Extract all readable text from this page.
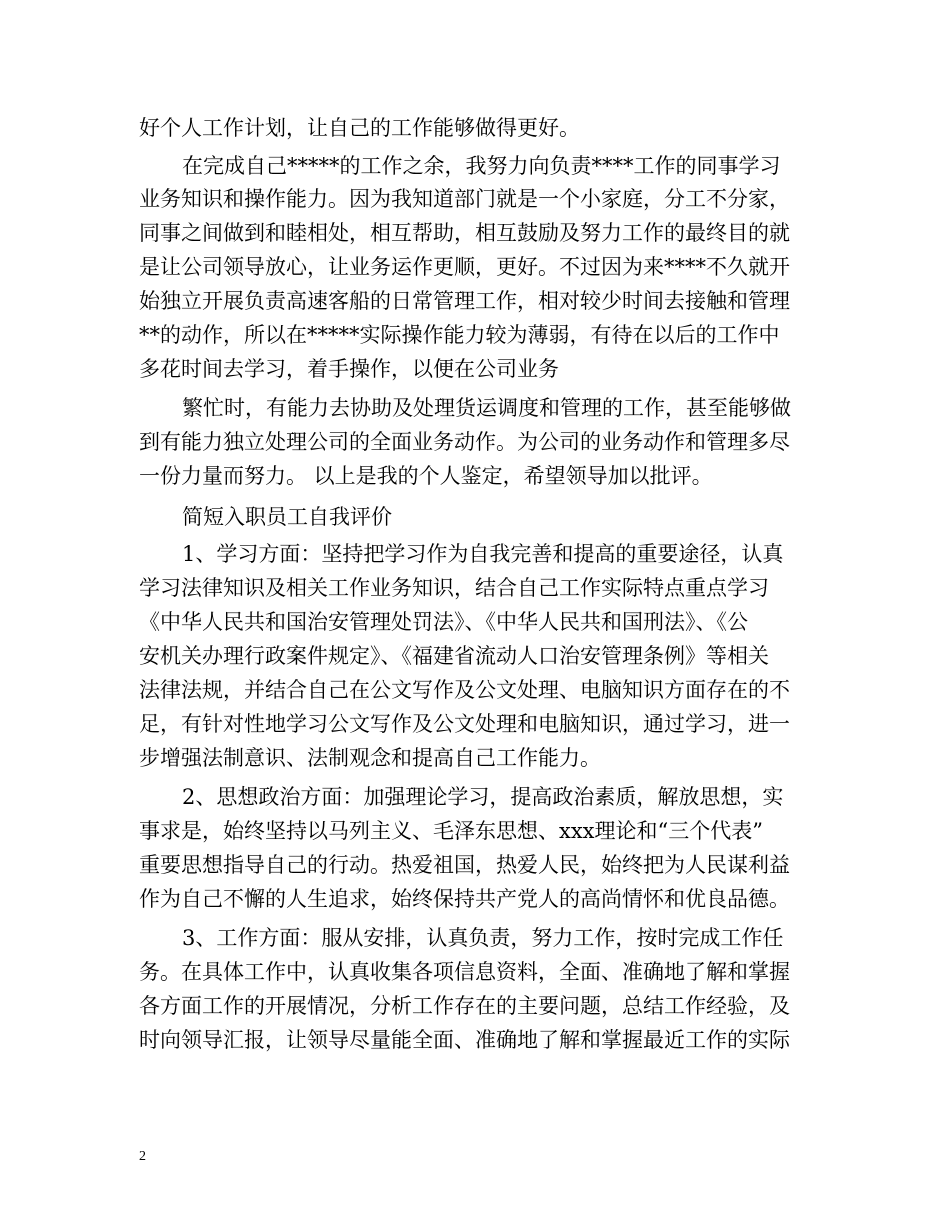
好个人工作计划，让自己的工作能够做得更好。
在完成自己*****的工作之余，我努力向负责****工作的同事学习
业务知识和操作能力。因为我知道部门就是一个小家庭，分工不分家，
同事之间做到和睦相处，相互帮助，相互鼓励及努力工作的最终目的就
是让公司领导放心，让业务运作更顺，更好。不过因为来****不久就开
始独立开展负责高速客船的日常管理工作，相对较少时间去接触和管理
**的动作，所以在*****实际操作能力较为薄弱，有待在以后的工作中
多花时间去学习，着手操作，以便在公司业务
繁忙时，有能力去协助及处理货运调度和管理的工作，甚至能够做
到有能力独立处理公司的全面业务动作。为公司的业务动作和管理多尽
一份力量而努力。 以上是我的个人鉴定，希望领导加以批评。
简短入职员工自我评价
1、学习方面：坚持把学习作为自我完善和提高的重要途径，认真
学习法律知识及相关工作业务知识，结合自己工作实际特点重点学习
《中华人民共和国治安管理处罚法》、《中华人民共和国刑法》、《公
安机关办理行政案件规定》、《福建省流动人口治安管理条例》等相关
法律法规，并结合自己在公文写作及公文处理、电脑知识方面存在的不
足，有针对性地学习公文写作及公文处理和电脑知识，通过学习，进一
步增强法制意识、法制观念和提高自己工作能力。
2、思想政治方面：加强理论学习，提高政治素质，解放思想，实
事求是，始终坚持以马列主义、毛泽东思想、xxx理论和“三个代表”
重要思想指导自己的行动。热爱祖国，热爱人民，始终把为人民谋利益
作为自己不懈的人生追求，始终保持共产党人的高尚情怀和优良品德。
3、工作方面：服从安排，认真负责，努力工作，按时完成工作任
务。在具体工作中，认真收集各项信息资料，全面、准确地了解和掌握
各方面工作的开展情况，分析工作存在的主要问题，总结工作经验，及
时向领导汇报，让领导尽量能全面、准确地了解和掌握最近工作的实际
2
